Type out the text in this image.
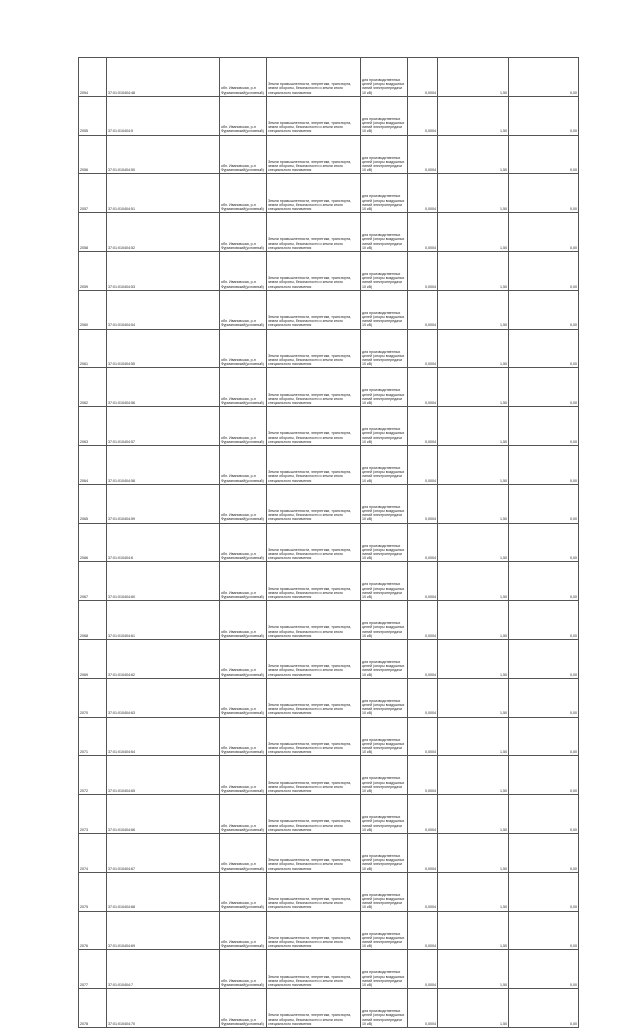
2054	37:01:010404:48	обл. Ивановская, р-н Фурмановский(условный)	Земли промышленности, энергетики, транспорта, земли обороны, безопасности и земли иного специального назначения	для производственных целей (опоры воздушных линий электропередачи 10 кВ)	0,0004	1,50	0,00
2055	37:01:010404:5	обл. Ивановская, р-н Фурмановский(условный)	Земли промышленности, энергетики, транспорта, земли обороны, безопасности и земли иного специального назначения	для производственных целей (опоры воздушных линий электропередачи 10 кВ)	0,0004	1,50	0,00
2056	37:01:010404:50	обл. Ивановская, р-н Фурмановский(условный)	Земли промышленности, энергетики, транспорта, земли обороны, безопасности и земли иного специального назначения	для производственных целей (опоры воздушных линий электропередачи 10 кВ)	0,0004	1,50	0,00
2057	37:01:010404:51	обл. Ивановская, р-н Фурмановский(условный)	Земли промышленности, энергетики, транспорта, земли обороны, безопасности и земли иного специального назначения	для производственных целей (опоры воздушных линий электропередачи 10 кВ)	0,0004	1,50	0,00
2058	37:01:010404:52	обл. Ивановская, р-н Фурмановский(условный)	Земли промышленности, энергетики, транспорта, земли обороны, безопасности и земли иного специального назначения	для производственных целей (опоры воздушных линий электропередачи 10 кВ)	0,0004	1,50	0,00
2059	37:01:010404:53	обл. Ивановская, р-н Фурмановский(условный)	Земли промышленности, энергетики, транспорта, земли обороны, безопасности и земли иного специального назначения	для производственных целей (опоры воздушных линий электропередачи 10 кВ)	0,0004	1,50	0,00
2060	37:01:010404:54	обл. Ивановская, р-н Фурмановский(условный)	Земли промышленности, энергетики, транспорта, земли обороны, безопасности и земли иного специального назначения	для производственных целей (опоры воздушных линий электропередачи 10 кВ)	0,0004	1,50	0,00
2061	37:01:010404:55	обл. Ивановская, р-н Фурмановский(условный)	Земли промышленности, энергетики, транспорта, земли обороны, безопасности и земли иного специального назначения	для производственных целей (опоры воздушных линий электропередачи 10 кВ)	0,0004	1,50	0,00
2062	37:01:010404:56	обл. Ивановская, р-н Фурмановский(условный)	Земли промышленности, энергетики, транспорта, земли обороны, безопасности и земли иного специального назначения	для производственных целей (опоры воздушных линий электропередачи 10 кВ)	0,0004	1,50	0,00
2063	37:01:010404:57	обл. Ивановская, р-н Фурмановский(условный)	Земли промышленности, энергетики, транспорта, земли обороны, безопасности и земли иного специального назначения	для производственных целей (опоры воздушных линий электропередачи 10 кВ)	0,0004	1,50	0,00
2064	37:01:010404:58	обл. Ивановская, р-н Фурмановский(условный)	Земли промышленности, энергетики, транспорта, земли обороны, безопасности и земли иного специального назначения	для производственных целей (опоры воздушных линий электропередачи 10 кВ)	0,0004	1,50	0,00
2065	37:01:010404:59	обл. Ивановская, р-н Фурмановский(условный)	Земли промышленности, энергетики, транспорта, земли обороны, безопасности и земли иного специального назначения	для производственных целей (опоры воздушных линий электропередачи 10 кВ)	0,0004	1,50	0,00
2066	37:01:010404:6	обл. Ивановская, р-н Фурмановский(условный)	Земли промышленности, энергетики, транспорта, земли обороны, безопасности и земли иного специального назначения	для производственных целей (опоры воздушных линий электропередачи 10 кВ)	0,0004	1,50	0,00
2067	37:01:010404:60	обл. Ивановская, р-н Фурмановский(условный)	Земли промышленности, энергетики, транспорта, земли обороны, безопасности и земли иного специального назначения	для производственных целей (опоры воздушных линий электропередачи 10 кВ)	0,0004	1,50	0,00
2068	37:01:010404:61	обл. Ивановская, р-н Фурмановский(условный)	Земли промышленности, энергетики, транспорта, земли обороны, безопасности и земли иного специального назначения	для производственных целей (опоры воздушных линий электропередачи 10 кВ)	0,0004	1,50	0,00
2069	37:01:010404:62	обл. Ивановская, р-н Фурмановский(условный)	Земли промышленности, энергетики, транспорта, земли обороны, безопасности и земли иного специального назначения	для производственных целей (опоры воздушных линий электропередачи 10 кВ)	0,0004	1,50	0,00
2070	37:01:010404:63	обл. Ивановская, р-н Фурмановский(условный)	Земли промышленности, энергетики, транспорта, земли обороны, безопасности и земли иного специального назначения	для производственных целей (опоры воздушных линий электропередачи 10 кВ)	0,0004	1,50	0,00
2071	37:01:010404:64	обл. Ивановская, р-н Фурмановский(условный)	Земли промышленности, энергетики, транспорта, земли обороны, безопасности и земли иного специального назначения	для производственных целей (опоры воздушных линий электропередачи 10 кВ)	0,0004	1,50	0,00
2072	37:01:010404:65	обл. Ивановская, р-н Фурмановский(условный)	Земли промышленности, энергетики, транспорта, земли обороны, безопасности и земли иного специального назначения	для производственных целей (опоры воздушных линий электропередачи 10 кВ)	0,0004	1,50	0,00
2073	37:01:010404:66	обл. Ивановская, р-н Фурмановский(условный)	Земли промышленности, энергетики, транспорта, земли обороны, безопасности и земли иного специального назначения	для производственных целей (опоры воздушных линий электропередачи 10 кВ)	0,0004	1,50	0,00
2074	37:01:010404:67	обл. Ивановская, р-н Фурмановский(условный)	Земли промышленности, энергетики, транспорта, земли обороны, безопасности и земли иного специального назначения	для производственных целей (опоры воздушных линий электропередачи 10 кВ)	0,0004	1,50	0,00
2075	37:01:010404:68	обл. Ивановская, р-н Фурмановский(условный)	Земли промышленности, энергетики, транспорта, земли обороны, безопасности и земли иного специального назначения	для производственных целей (опоры воздушных линий электропередачи 10 кВ)	0,0004	1,50	0,00
2076	37:01:010404:69	обл. Ивановская, р-н Фурмановский(условный)	Земли промышленности, энергетики, транспорта, земли обороны, безопасности и земли иного специального назначения	для производственных целей (опоры воздушных линий электропередачи 10 кВ)	0,0004	1,50	0,00
2077	37:01:010404:7	обл. Ивановская, р-н Фурмановский(условный)	Земли промышленности, энергетики, транспорта, земли обороны, безопасности и земли иного специального назначения	для производственных целей (опоры воздушных линий электропередачи 10 кВ)	0,0004	1,50	0,00
2078	37:01:010404:70	обл. Ивановская, р-н Фурмановский(условный)	Земли промышленности, энергетики, транспорта, земли обороны, безопасности и земли иного специального назначения	для производственных целей (опоры воздушных линий электропередачи 10 кВ)	0,0004	1,50	0,00
